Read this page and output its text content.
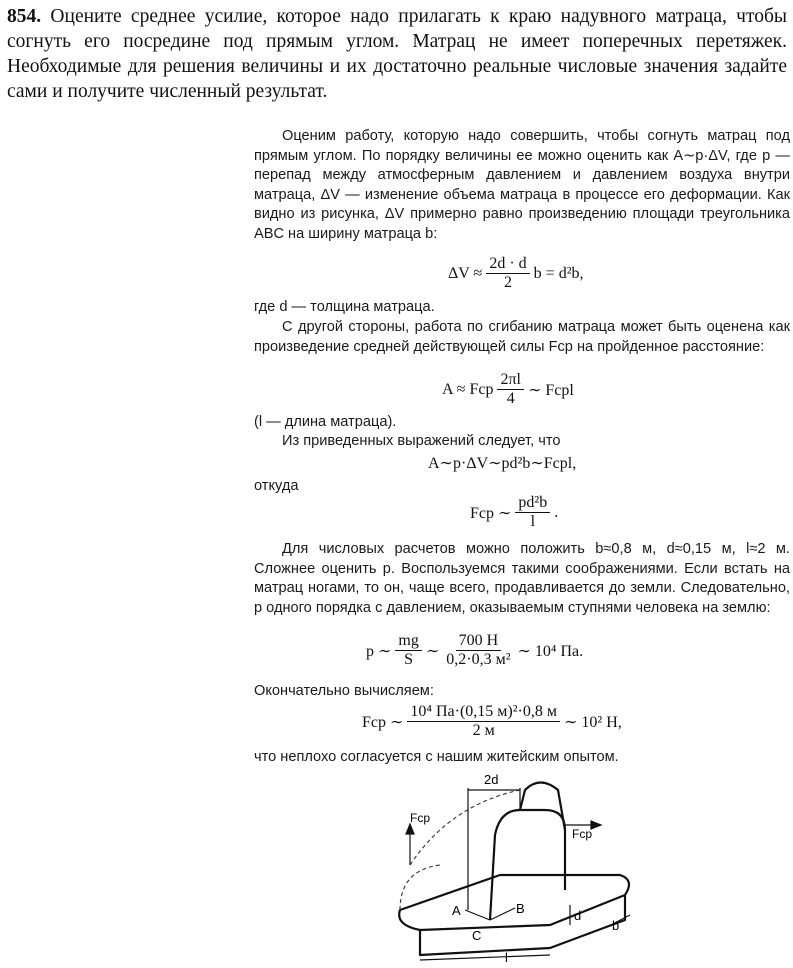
854. Оцените среднее усилие, которое надо прилагать к краю надувного матраца, чтобы согнуть его посредине под прямым углом. Матрац не имеет поперечных перетяжек. Необходимые для решения величины и их достаточно реальные числовые значения задайте сами и получите численный результат.
Оценим работу, которую надо совершить, чтобы согнуть матрац под прямым углом. По порядку величины ее можно оценить как A∼p·ΔV, где p — перепад между атмосферным давлением и давлением воздуха внутри матраца, ΔV — изменение объема матраца в процессе его деформации. Как видно из рисунка, ΔV примерно равно произведению площади треугольника ABC на ширину матраца b:
$\Delta V \approx \frac{2d \cdot d}{2}$ b = d²b,
где d — толщина матраца.
С другой стороны, работа по сгибанию матраца может быть оценена как произведение средней действующей силы Fср на пройденное расстояние:
A ≈ Fср $\frac{2\pi l}{4}$ ∼ Fсрl
(l — длина матраца).
Из приведенных выражений следует, что
A∼p·ΔV∼pd²b∼Fсрl,
откуда
Fср ∼ $\frac{\text{pd²b}}{l}$ .
Для числовых расчетов можно положить b≈0,8 м, d≈0,15 м, l≈2 м. Сложнее оценить p. Воспользуемся такими соображениями. Если встать на матрац ногами, то он, чаще всего, продавливается до земли. Следовательно, p одного порядка с давлением, оказываемым ступнями человека на землю:
p ∼ $\frac{mg}{S}$ ∼ $\frac{700 Н}{\text{0,2·0,3 м²}}$ ∼ 10⁴ Па.
Окончательно вычисляем:
Fср ∼ $\frac{\text{10⁴ Па·(0,15 м)²·0,8 м}}{2 м}$ ∼ 10² Н,
что неплохо согласуется с нашим житейским опытом.
2d
Fср
Fср
A	B
C
d
b
l
